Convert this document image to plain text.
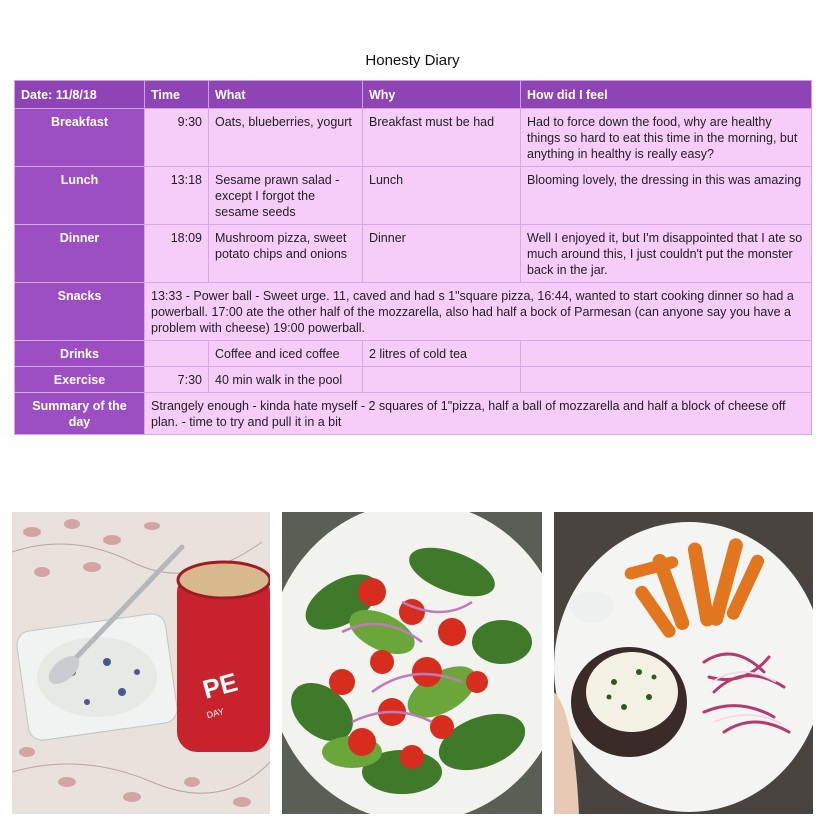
Honesty Diary
Date: 11/8/18	Time	What	Why	How did I feel
Breakfast	9:30	Oats, blueberries, yogurt	Breakfast must be had	Had to force down the food, why are healthy things so hard to eat this time in the morning, but anything in healthy is really easy?
Lunch	13:18	Sesame prawn salad - except I forgot the sesame seeds	Lunch	Blooming lovely, the dressing in this was amazing
Dinner	18:09	Mushroom pizza, sweet potato chips and onions	Dinner	Well I enjoyed it, but I'm disappointed that I ate so much around this, I just couldn't put the monster back in the jar.
Snacks	13:33 - Power ball - Sweet urge. 11, caved and had s 1"square pizza, 16:44, wanted to start cooking dinner so had a powerball. 17:00 ate the other half of the mozzarella, also had half a bock of Parmesan (can anyone say you have a problem with cheese) 19:00 powerball.			
Drinks		Coffee and iced coffee	2 litres of cold tea	
Exercise	7:30	40 min walk in the pool		
Summary of the day	Strangely enough - kinda hate myself - 2 squares of 1"pizza, half a ball of mozzarella and half a block of cheese off plan. - time to try and pull it in a bit			
PE
DAY
